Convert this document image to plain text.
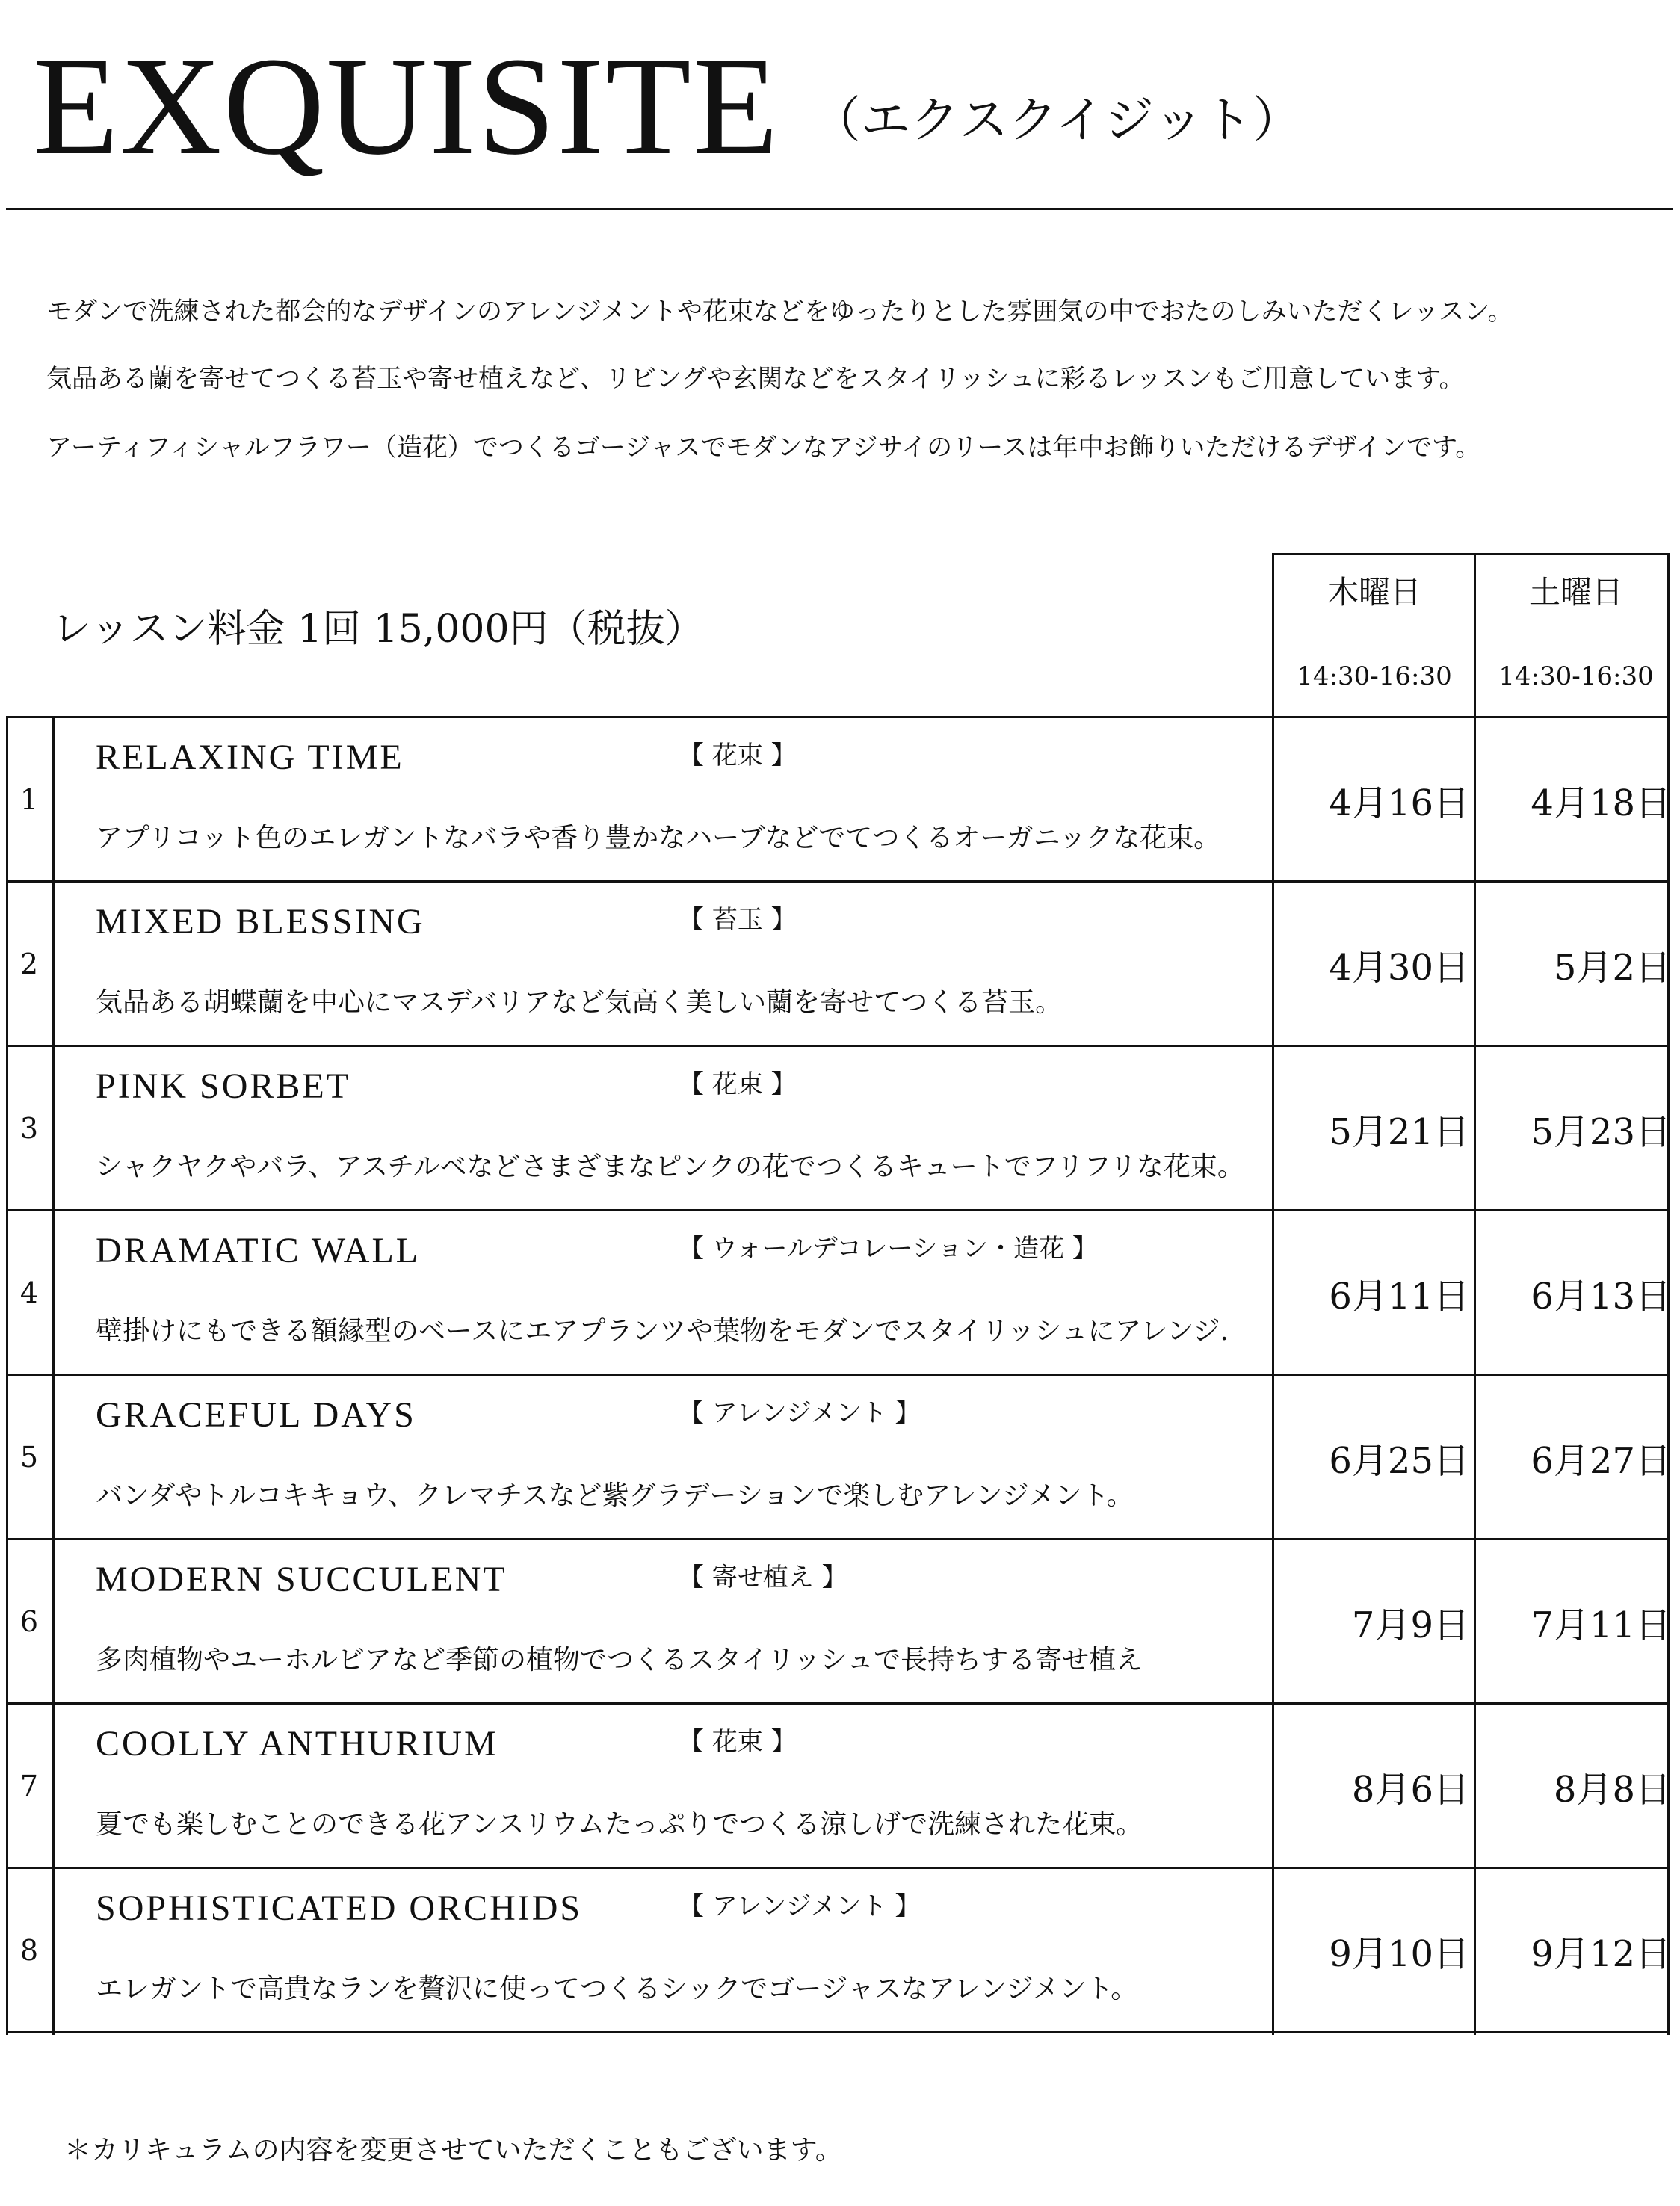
EXQUISITE （エクスクイジット）
モダンで洗練された都会的なデザインのアレンジメントや花束などをゆったりとした雰囲気の中でおたのしみいただくレッスン。
気品ある蘭を寄せてつくる苔玉や寄せ植えなど、リビングや玄関などをスタイリッシュに彩るレッスンもご用意しています。
アーティフィシャルフラワー（造花）でつくるゴージャスでモダンなアジサイのリースは年中お飾りいただけるデザインです。
レッスン料金 1回 15,000円（税抜）
木曜日	土曜日
14:30-16:30	14:30-16:30
1
RELAXING TIME	【 花束 】
アプリコット色のエレガントなバラや香り豊かなハーブなどでてつくるオーガニックな花束。
4月16日	4月18日
2
MIXED BLESSING	【 苔玉 】
気品ある胡蝶蘭を中心にマスデバリアなど気高く美しい蘭を寄せてつくる苔玉。
4月30日	5月2日
3
PINK SORBET	【 花束 】
シャクヤクやバラ、アスチルベなどさまざまなピンクの花でつくるキュートでフリフリな花束。
5月21日	5月23日
4
DRAMATIC WALL	【 ウォールデコレーション・造花 】
壁掛けにもできる額縁型のベースにエアプランツや葉物をモダンでスタイリッシュにアレンジ.
6月11日	6月13日
5
GRACEFUL DAYS	【 アレンジメント 】
バンダやトルコキキョウ、クレマチスなど紫グラデーションで楽しむアレンジメント。
6月25日	6月27日
6
MODERN SUCCULENT	【 寄せ植え 】
多肉植物やユーホルビアなど季節の植物でつくるスタイリッシュで長持ちする寄せ植え
7月9日	7月11日
7
COOLLY ANTHURIUM	【 花束 】
夏でも楽しむことのできる花アンスリウムたっぷりでつくる涼しげで洗練された花束。
8月6日	8月8日
8
SOPHISTICATED ORCHIDS	【 アレンジメント 】
エレガントで高貴なランを贅沢に使ってつくるシックでゴージャスなアレンジメント。
9月10日	9月12日
＊カリキュラムの内容を変更させていただくこともございます。
